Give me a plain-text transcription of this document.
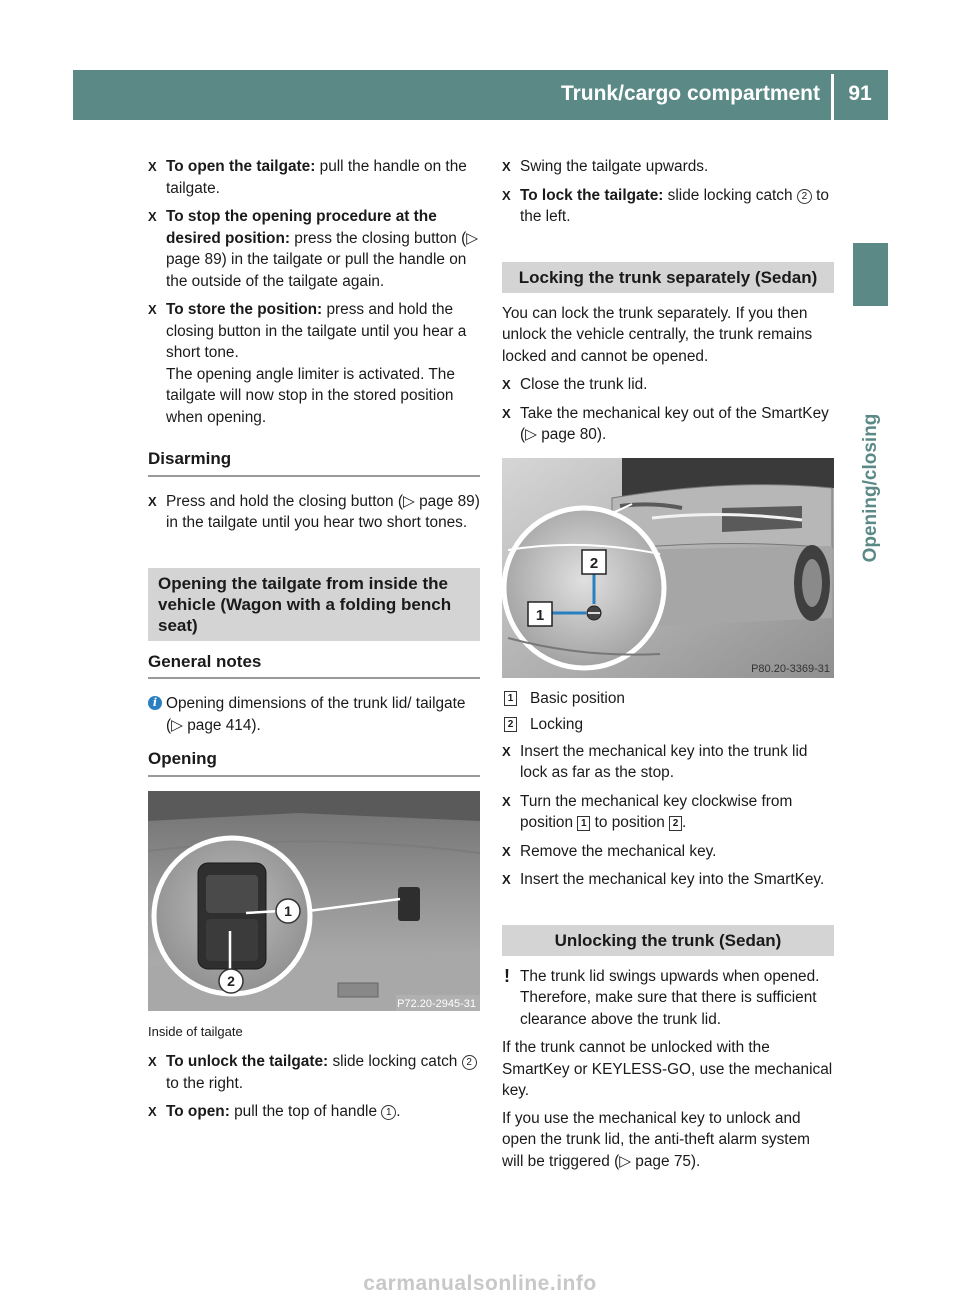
Trunk/cargo compartment	91
Opening/closing
X To open the tailgate: pull the handle on the tailgate.
X To stop the opening procedure at the desired position: press the closing button (▷ page 89) in the tailgate or pull the handle on the outside of the tailgate again.
X To store the position: press and hold the closing button in the tailgate until you hear a short tone.
The opening angle limiter is activated. The tailgate will now stop in the stored position when opening.
Disarming
X Press and hold the closing button (▷ page 89) in the tailgate until you hear two short tones.
Opening the tailgate from inside the vehicle (Wagon with a folding bench seat)
General notes
i Opening dimensions of the trunk lid/ tailgate (▷ page 414).
Opening
1
2
P72.20-2945-31
Inside of tailgate
X To unlock the tailgate: slide locking catch 2 to the right.
X To open: pull the top of handle 1 .
X Swing the tailgate upwards.
X To lock the tailgate: slide locking catch 2 to the left.
Locking the trunk separately (Sedan)
You can lock the trunk separately. If you then unlock the vehicle centrally, the trunk remains locked and cannot be opened.
X Close the trunk lid.
X Take the mechanical key out of the SmartKey (▷ page 80).
2
1
P80.20-3369-31
1 Basic position
2 Locking
X Insert the mechanical key into the trunk lid lock as far as the stop.
X Turn the mechanical key clockwise from position 1 to position 2 .
X Remove the mechanical key.
X Insert the mechanical key into the SmartKey.
Unlocking the trunk (Sedan)
! The trunk lid swings upwards when opened. Therefore, make sure that there is sufficient clearance above the trunk lid.
If the trunk cannot be unlocked with the SmartKey or KEYLESS-GO, use the mechanical key.
If you use the mechanical key to unlock and open the trunk lid, the anti-theft alarm system will be triggered (▷ page 75).
carmanualsonline.info
